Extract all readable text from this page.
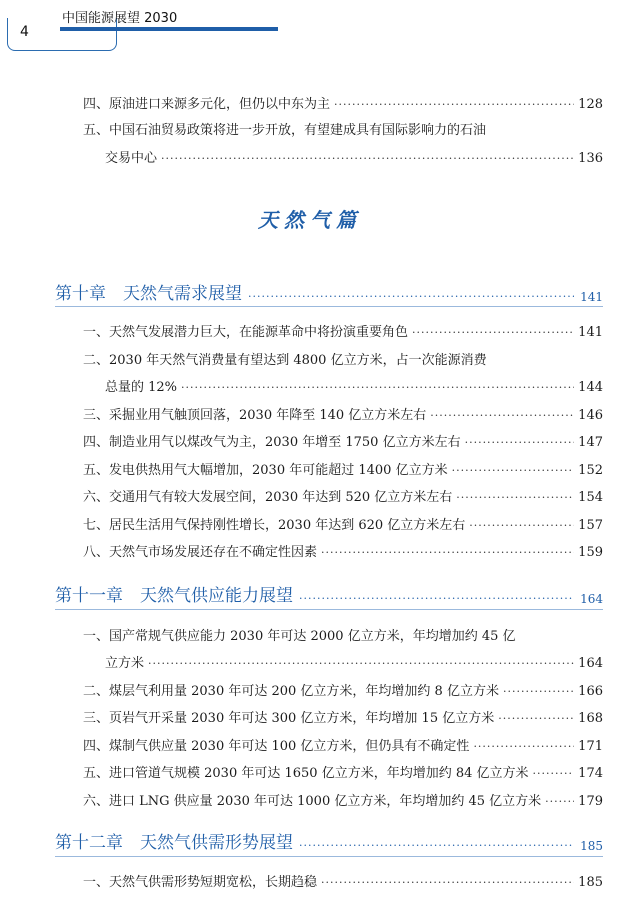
4
中国能源展望 2030
四、原油进口来源多元化，但仍以中东为主 ·····	128
五、中国石油贸易政策将进一步开放，有望建成具有国际影响力的石油
交易中心 ·····	136
天然气篇
第十章　天然气需求展望 ·····	141
一、天然气发展潜力巨大，在能源革命中将扮演重要角色 ·····	141
二、2030 年天然气消费量有望达到 4800 亿立方米，占一次能源消费
总量的 12% ·····	144
三、采掘业用气触顶回落，2030 年降至 140 亿立方米左右 ·····	146
四、制造业用气以煤改气为主，2030 年增至 1750 亿立方米左右 ·····	147
五、发电供热用气大幅增加，2030 年可能超过 1400 亿立方米 ·····	152
六、交通用气有较大发展空间，2030 年达到 520 亿立方米左右 ·····	154
七、居民生活用气保持刚性增长，2030 年达到 620 亿立方米左右 ·····	157
八、天然气市场发展还存在不确定性因素 ·····	159
第十一章　天然气供应能力展望 ·····	164
一、国产常规气供应能力 2030 年可达 2000 亿立方米，年均增加约 45 亿
立方米 ·····	164
二、煤层气利用量 2030 年可达 200 亿立方米，年均增加约 8 亿立方米 ·····	166
三、页岩气开采量 2030 年可达 300 亿立方米，年均增加 15 亿立方米 ·····	168
四、煤制气供应量 2030 年可达 100 亿立方米，但仍具有不确定性 ·····	171
五、进口管道气规模 2030 年可达 1650 亿立方米，年均增加约 84 亿立方米 ·····	174
六、进口 LNG 供应量 2030 年可达 1000 亿立方米，年均增加约 45 亿立方米 ·····	179
第十二章　天然气供需形势展望 ·····	185
一、天然气供需形势短期宽松，长期趋稳 ·····	185
